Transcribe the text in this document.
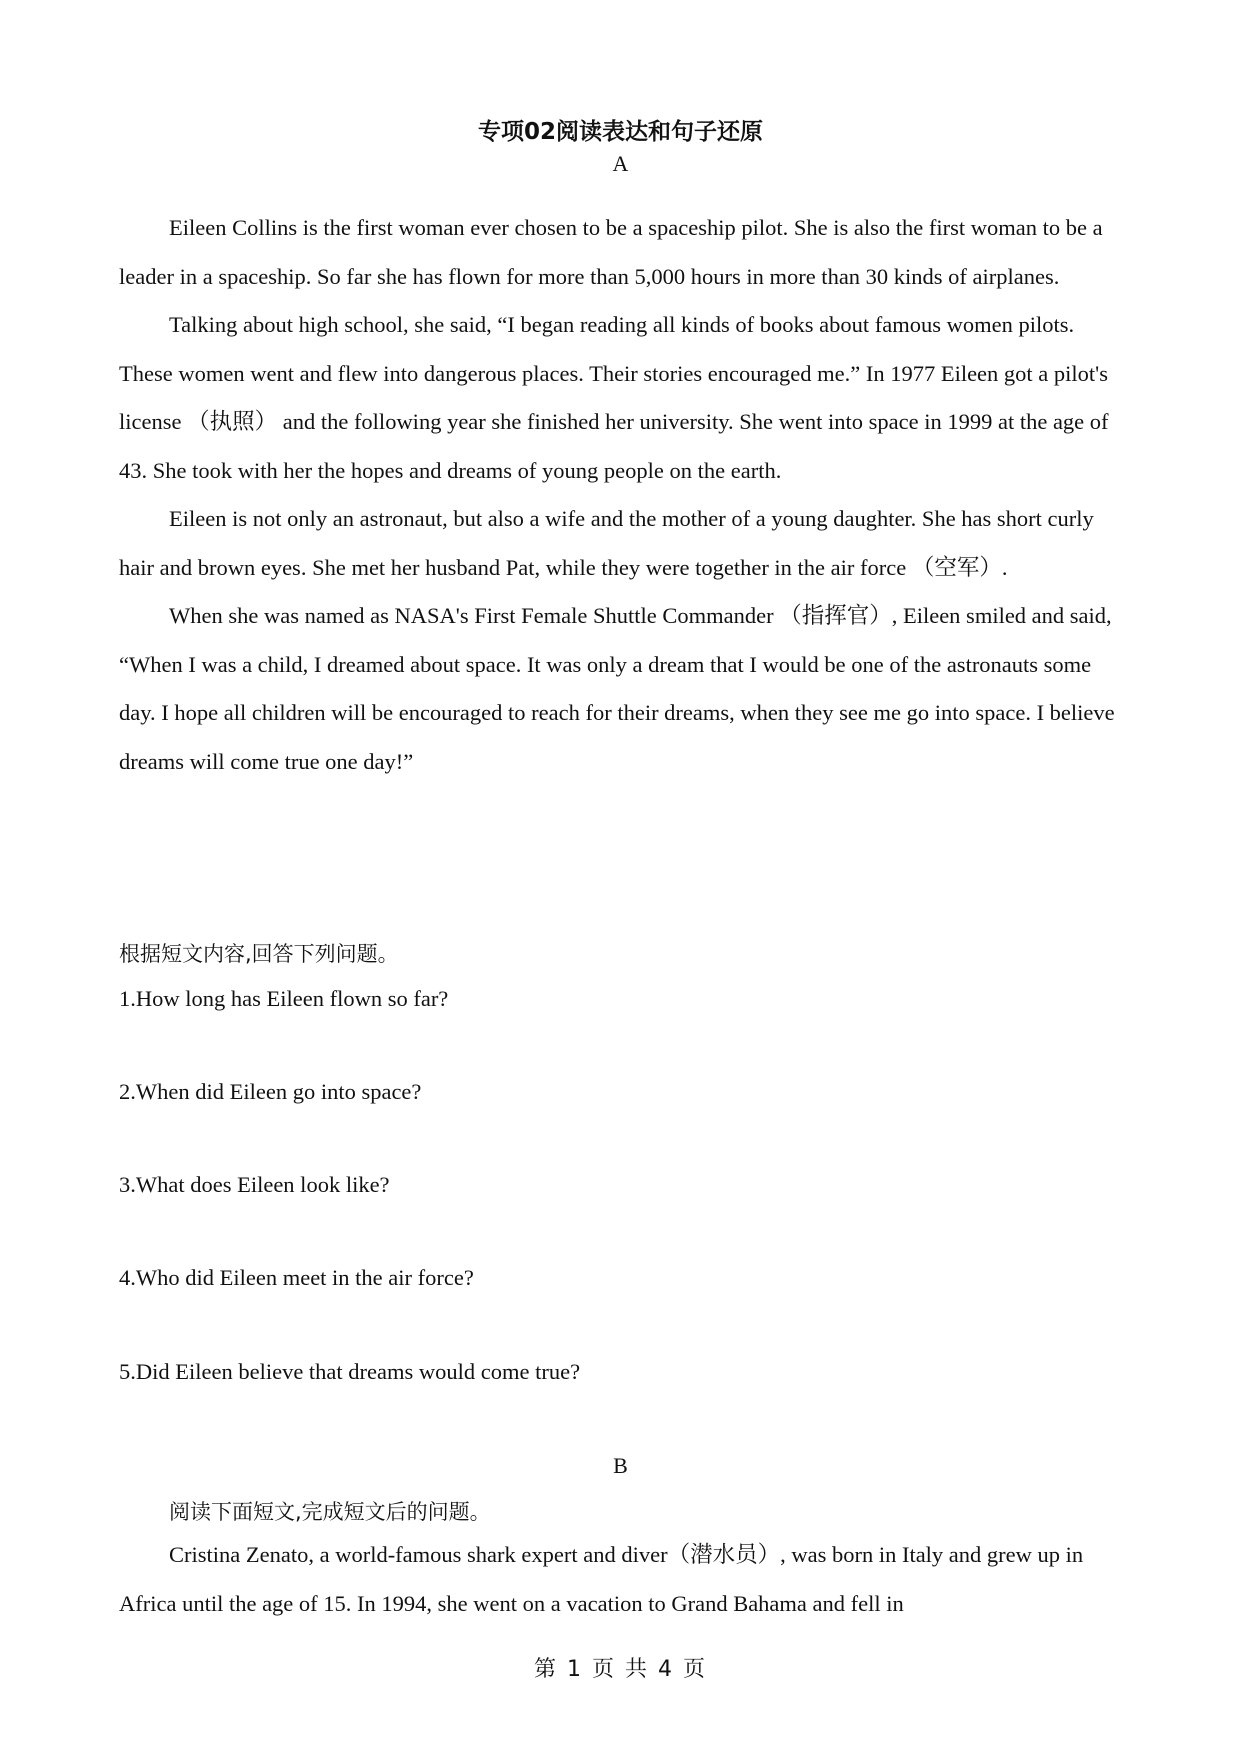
专项02阅读表达和句子还原
A

Eileen Collins is the first woman ever chosen to be a spaceship pilot. She is also the first woman to be a leader in a spaceship. So far she has flown for more than 5,000 hours in more than 30 kinds of airplanes.

Talking about high school, she said, “I began reading all kinds of books about famous women pilots. These women went and flew into dangerous places. Their stories encouraged me.” In 1977 Eileen got a pilot's license （执照） and the following year she finished her university. She went into space in 1999 at the age of 43. She took with her the hopes and dreams of young people on the earth.

Eileen is not only an astronaut, but also a wife and the mother of a young daughter. She has short curly hair and brown eyes. She met her husband Pat, while they were together in the air force （空军）.

When she was named as NASA's First Female Shuttle Commander （指挥官）, Eileen smiled and said, “When I was a child, I dreamed about space. It was only a dream that I would be one of the astronauts some day. I hope all children will be encouraged to reach for their dreams, when they see me go into space. I believe dreams will come true one day!”

根据短文内容,回答下列问题。
1.How long has Eileen flown so far?
2.When did Eileen go into space?
3.What does Eileen look like?
4.Who did Eileen meet in the air force?
5.Did Eileen believe that dreams would come true?
B
阅读下面短文,完成短文后的问题。

Cristina Zenato, a world-famous shark expert and diver（潜水员）, was born in Italy and grew up in Africa until the age of 15. In 1994, she went on a vacation to Grand Bahama and fell in

第 1 页 共 4 页
